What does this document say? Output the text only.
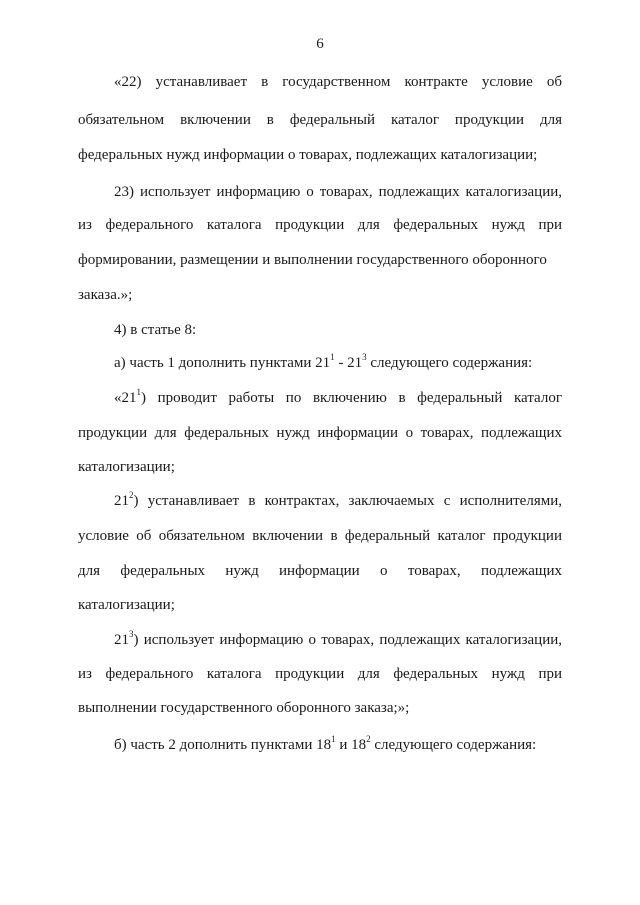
6
«22) устанавливает в государственном контракте условие об
обязательном включении в федеральный каталог продукции для
федеральных нужд информации о товарах, подлежащих каталогизации;
23) использует информацию о товарах, подлежащих каталогизации,
из федерального каталога продукции для федеральных нужд при
формировании, размещении и выполнении государственного оборонного
заказа.»;
4) в статье 8:
а) часть 1 дополнить пунктами $21^1 - 21^3$ следующего содержания:
«$21^1$) проводит работы по включению в федеральный каталог
продукции для федеральных нужд информации о товарах, подлежащих
каталогизации;
$21^2$) устанавливает в контрактах, заключаемых с исполнителями,
условие об обязательном включении в федеральный каталог продукции
для федеральных нужд информации о товарах, подлежащих
каталогизации;
$21^3$) использует информацию о товарах, подлежащих каталогизации,
из федерального каталога продукции для федеральных нужд при
выполнении государственного оборонного заказа;»;
б) часть 2 дополнить пунктами $18^1$ и $18^2$ следующего содержания:
